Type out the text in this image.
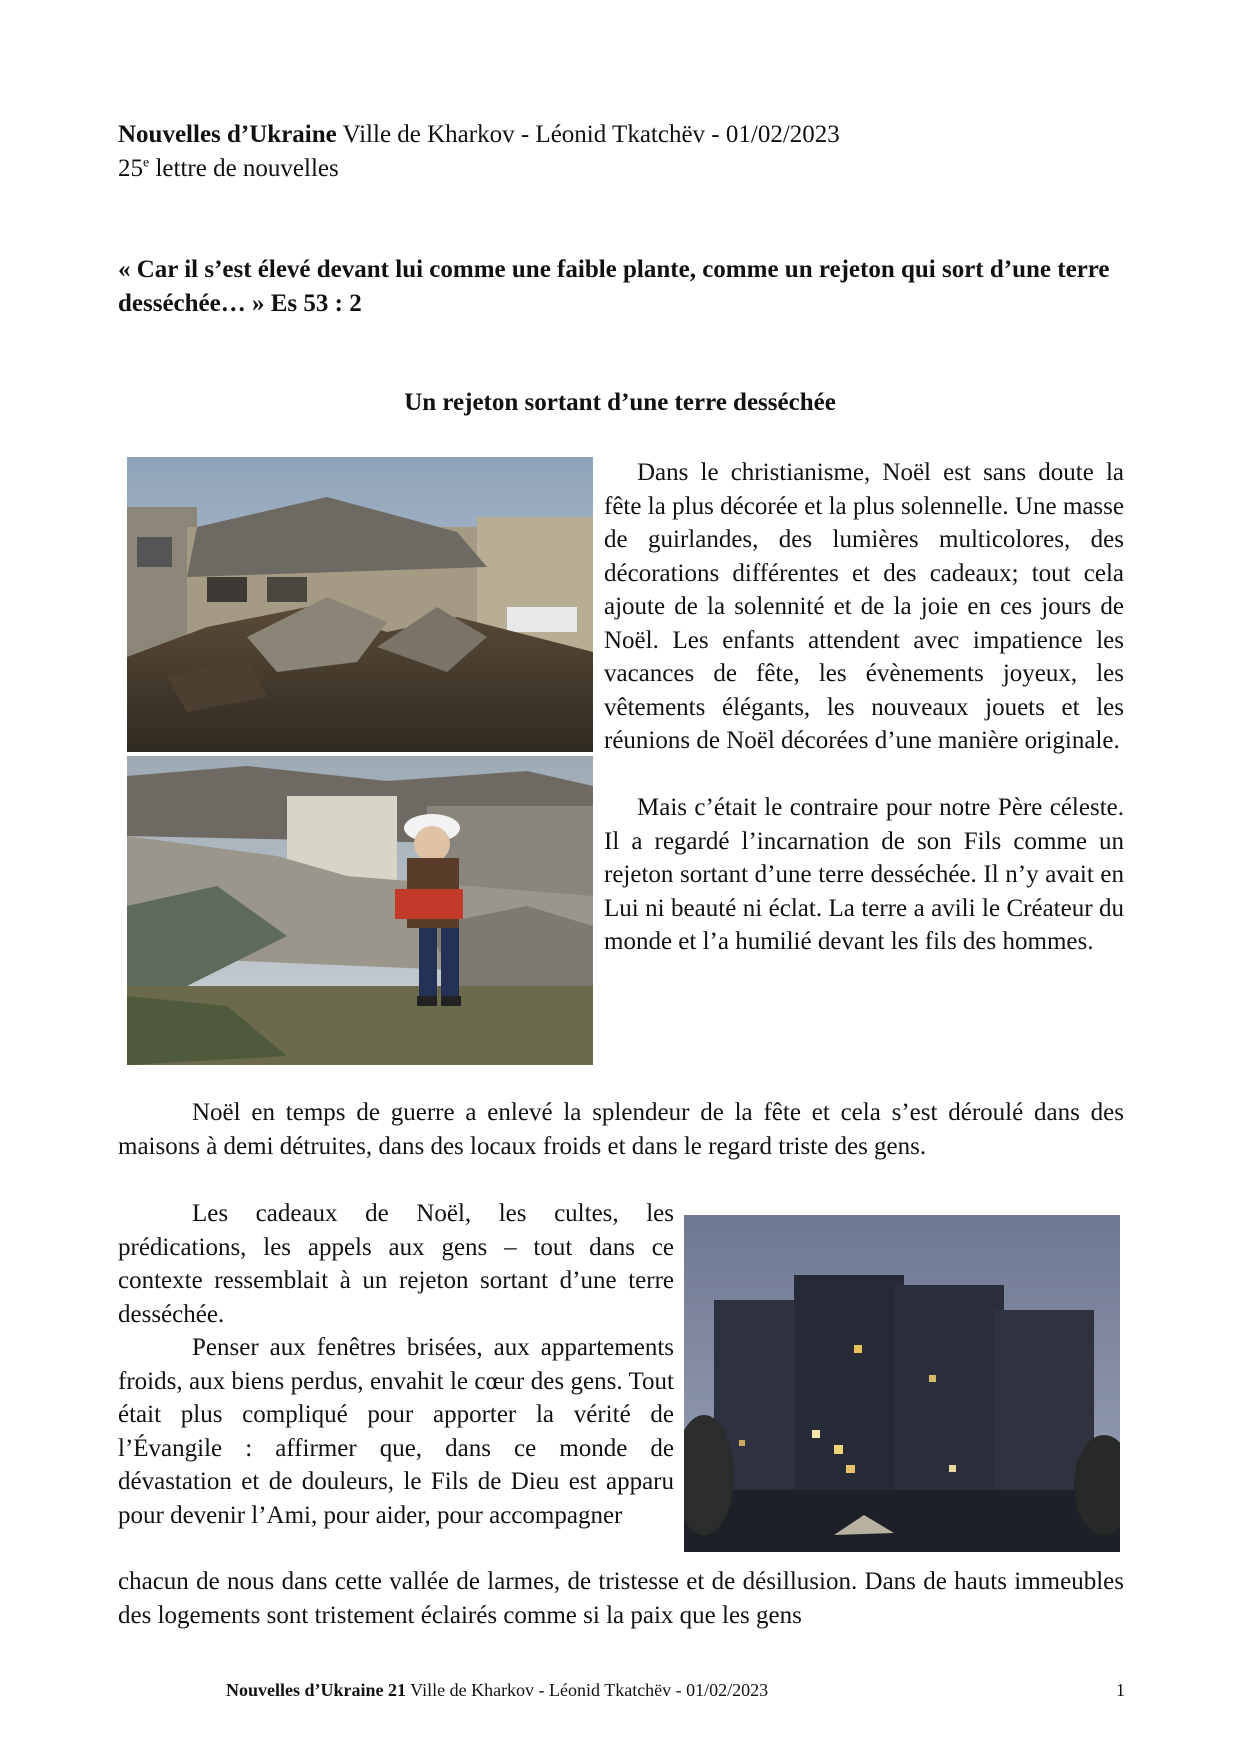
Nouvelles d’Ukraine Ville de Kharkov - Léonid Tkatchëv - 01/02/2023
25e lettre de nouvelles
« Car il s’est élevé devant lui comme une faible plante, comme un rejeton qui sort d’une terre desséchée… » Es 53 : 2
Un rejeton sortant d’une terre desséchée

Dans le christianisme, Noël est sans doute la fête la plus décorée et la plus solennelle. Une masse de guirlandes, des lumières multicolores, des décorations différentes et des cadeaux; tout cela ajoute de la solennité et de la joie en ces jours de Noël. Les enfants attendent avec impatience les vacances de fête, les évènements joyeux, les vêtements élégants, les nouveaux jouets et les réunions de Noël décorées d’une manière originale.

Mais c’était le contraire pour notre Père céleste. Il a regardé l’incarnation de son Fils comme un rejeton sortant d’une terre desséchée. Il n’y avait en Lui ni beauté ni éclat. La terre a avili le Créateur du monde et l’a humilié devant les fils des hommes.

Noël en temps de guerre a enlevé la splendeur de la fête et cela s’est déroulé dans des maisons à demi détruites, dans des locaux froids et dans le regard triste des gens.

Les cadeaux de Noël, les cultes, les prédications, les appels aux gens – tout dans ce contexte ressemblait à un rejeton sortant d’une terre desséchée.

Penser aux fenêtres brisées, aux appartements froids, aux biens perdus, envahit le cœur des gens. Tout était plus compliqué pour apporter la vérité de l’Évangile : affirmer que, dans ce monde de dévastation et de douleurs, le Fils de Dieu est apparu pour devenir l’Ami, pour aider, pour accompagner

chacun de nous dans cette vallée de larmes, de tristesse et de désillusion. Dans de hauts immeubles des logements sont tristement éclairés comme si la paix que les gens

Nouvelles d’Ukraine 21 Ville de Kharkov - Léonid Tkatchëv - 01/02/2023	1
